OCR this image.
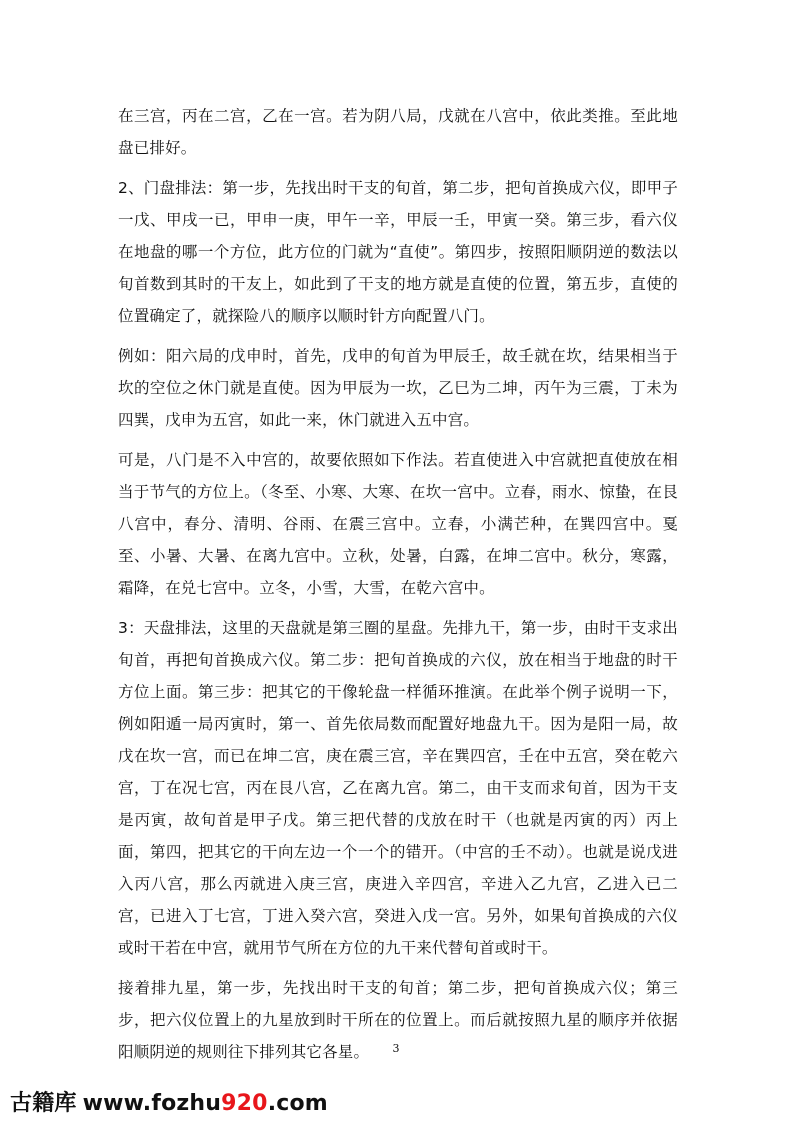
在三宫，丙在二宫，乙在一宫。若为阴八局，戊就在八宫中，依此类推。至此地盘已排好。

2、门盘排法：第一步，先找出时干支的旬首，第二步，把旬首换成六仪，即甲子一戊、甲戌一已，甲申一庚，甲午一辛，甲辰一壬，甲寅一癸。第三步，看六仪在地盘的哪一个方位，此方位的门就为“直使”。第四步，按照阳顺阴逆的数法以旬首数到其时的干友上，如此到了干支的地方就是直使的位置，第五步，直使的位置确定了，就探险八的顺序以顺时针方向配置八门。

例如：阳六局的戊申时，首先，戊申的旬首为甲辰壬，故壬就在坎，结果相当于坎的空位之休门就是直使。因为甲辰为一坎，乙巳为二坤，丙午为三震，丁未为四巽，戊申为五宫，如此一来，休门就进入五中宫。

可是，八门是不入中宫的，故要依照如下作法。若直使进入中宫就把直使放在相当于节气的方位上。（冬至、小寒、大寒、在坎一宫中。立春，雨水、惊蛰，在艮八宫中，春分、清明、谷雨、在震三宫中。立春，小满芒种，在巽四宫中。戛至、小暑、大暑、在离九宫中。立秋，处暑，白露，在坤二宫中。秋分，寒露，霜降，在兑七宫中。立冬，小雪，大雪，在乾六宫中。

3：天盘排法，这里的天盘就是第三圈的星盘。先排九干，第一步，由时干支求出旬首，再把旬首换成六仪。第二步：把旬首换成的六仪，放在相当于地盘的时干方位上面。第三步：把其它的干像轮盘一样循环推演。在此举个例子说明一下，例如阳遁一局丙寅时，第一、首先依局数而配置好地盘九干。因为是阳一局，故戊在坎一宫，而已在坤二宫，庚在震三宫，辛在巽四宫，壬在中五宫，癸在乾六宫，丁在况七宫，丙在艮八宫，乙在离九宫。第二，由干支而求旬首，因为干支是丙寅，故旬首是甲子戊。第三把代替的戊放在时干（也就是丙寅的丙）丙上面，第四，把其它的干向左边一个一个的错开。（中宫的壬不动）。也就是说戊进入丙八宫，那么丙就进入庚三宫，庚进入辛四宫，辛进入乙九宫，乙进入已二宫，已进入丁七宫，丁进入癸六宫，癸进入戊一宫。另外，如果旬首换成的六仪或时干若在中宫，就用节气所在方位的九干来代替旬首或时干。

接着排九星，第一步，先找出时干支的旬首；第二步，把旬首换成六仪；第三步，把六仪位置上的九星放到时干所在的位置上。而后就按照九星的顺序并依据阳顺阴逆的规则往下排列其它各星。	3
古籍库 www.fozhu920.com
